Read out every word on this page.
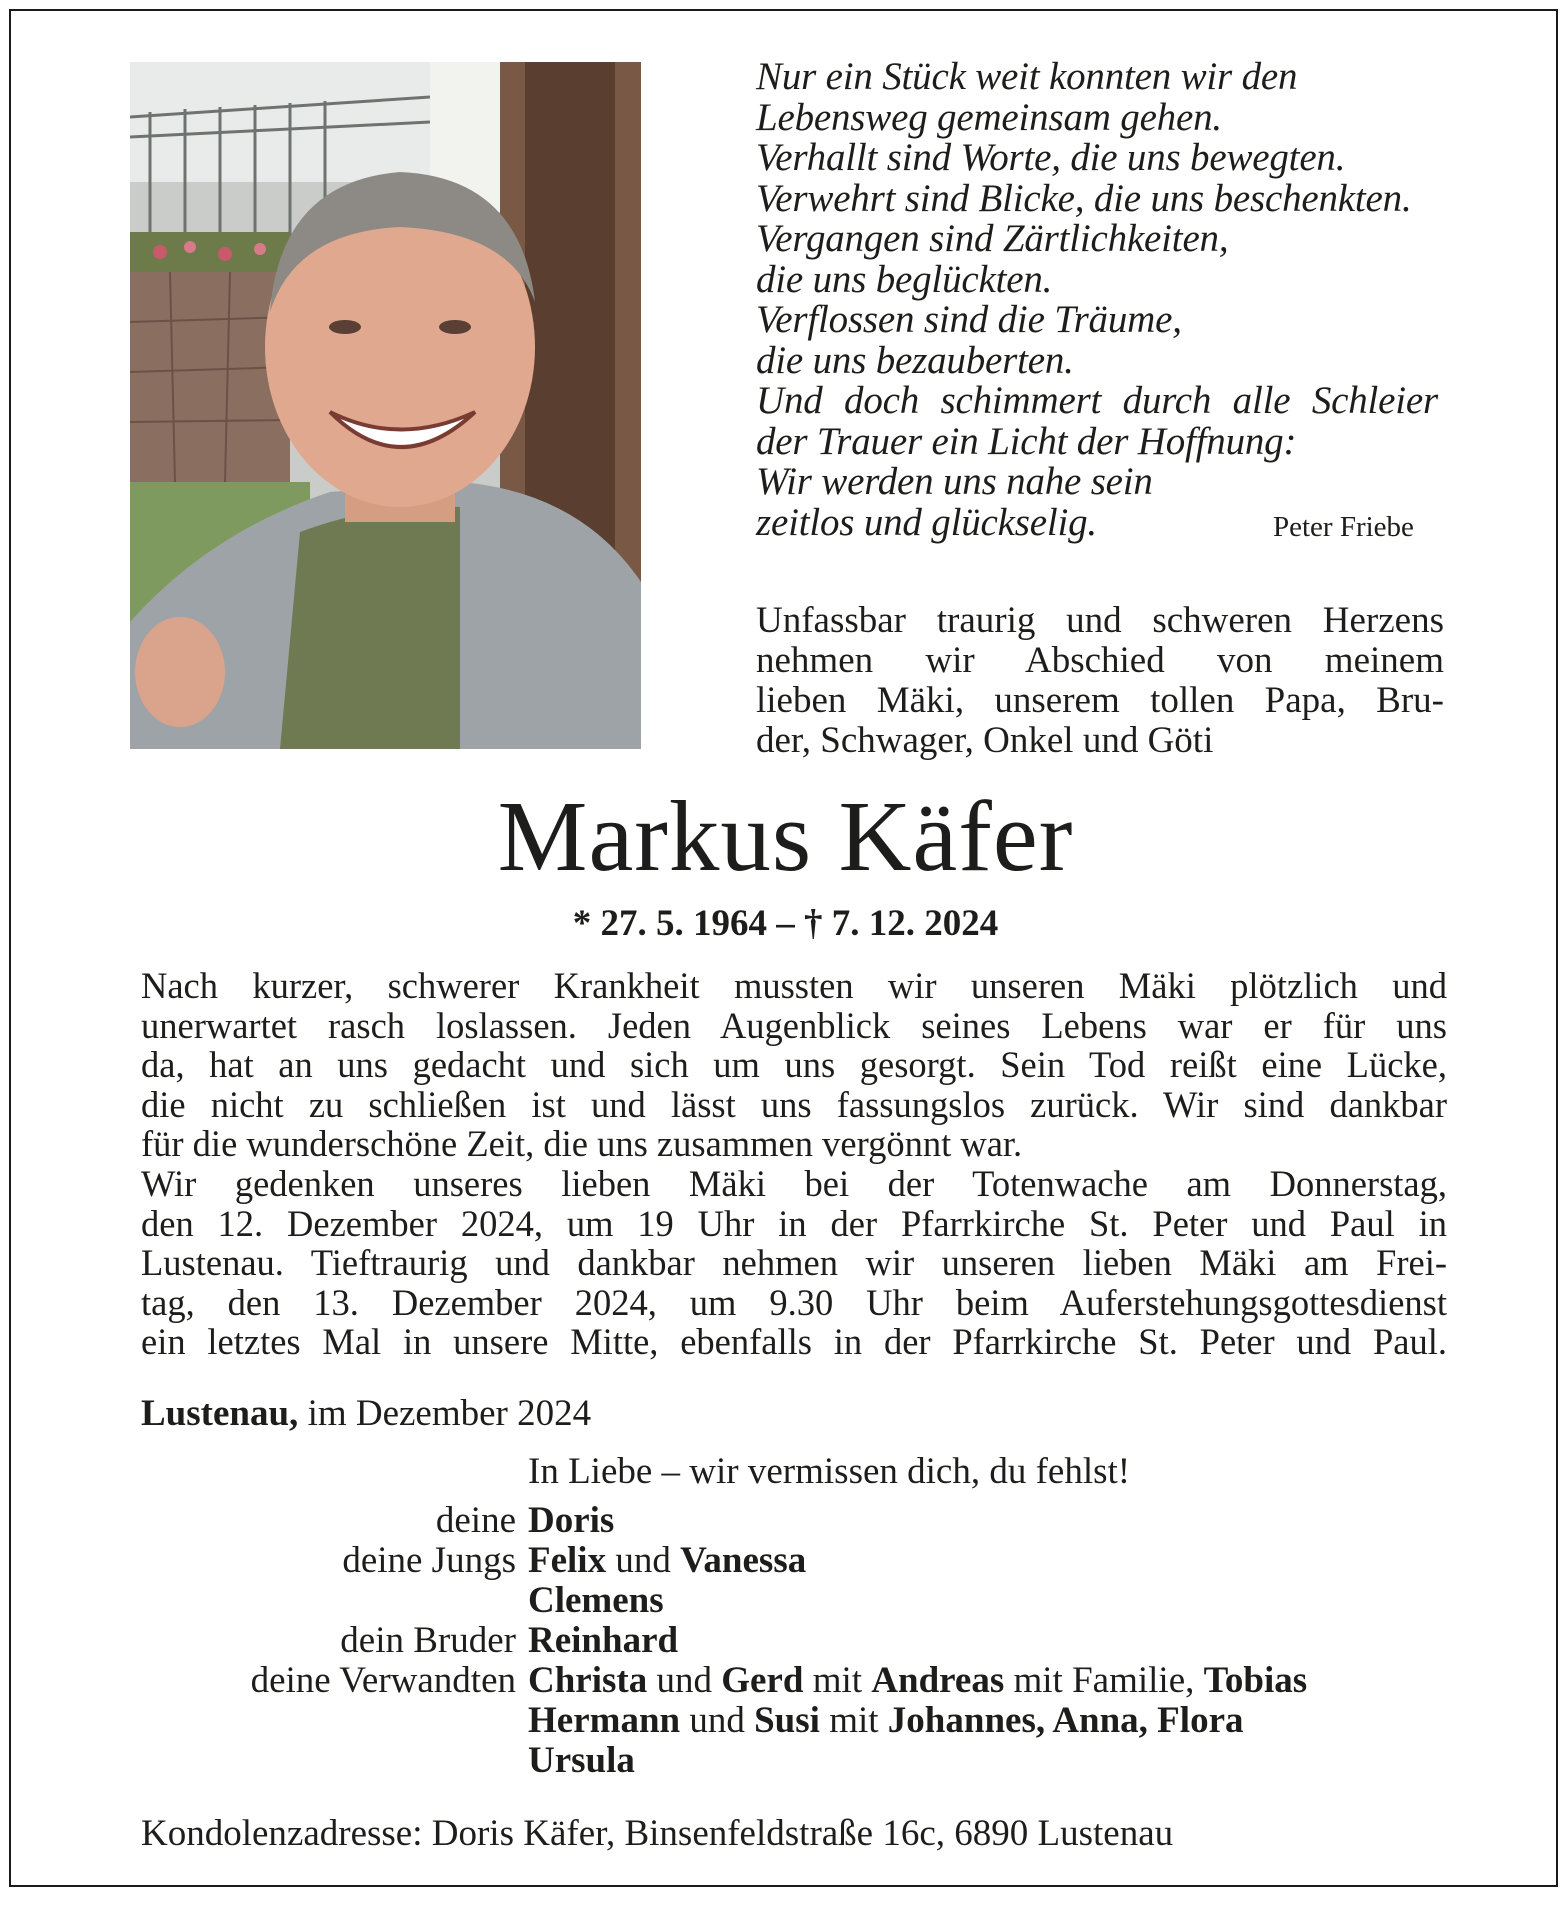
Nur ein Stück weit konnten wir den
Lebensweg gemeinsam gehen.
Verhallt sind Worte, die uns bewegten.
Verwehrt sind Blicke, die uns beschenkten.
Vergangen sind Zärtlichkeiten,
die uns beglückten.
Verflossen sind die Träume,
die uns bezauberten.
Und doch schimmert durch alle Schleier
der Trauer ein Licht der Hoffnung:
Wir werden uns nahe sein
zeitlos und glückselig.	Peter Friebe
Unfassbar traurig und schweren Herzens
nehmen wir Abschied von meinem
lieben Mäki, unserem tollen Papa, Bru-
der, Schwager, Onkel und Göti
Markus Käfer
* 27. 5. 1964 – † 7. 12. 2024
Nach kurzer, schwerer Krankheit mussten wir unseren Mäki plötzlich und
unerwartet rasch loslassen. Jeden Augenblick seines Lebens war er für uns
da, hat an uns gedacht und sich um uns gesorgt. Sein Tod reißt eine Lücke,
die nicht zu schließen ist und lässt uns fassungslos zurück. Wir sind dankbar
für die wunderschöne Zeit, die uns zusammen vergönnt war.
Wir gedenken unseres lieben Mäki bei der Totenwache am Donnerstag,
den 12. Dezember 2024, um 19 Uhr in der Pfarrkirche St. Peter und Paul in
Lustenau. Tieftraurig und dankbar nehmen wir unseren lieben Mäki am Frei-
tag, den 13. Dezember 2024, um 9.30 Uhr beim Auferstehungsgottesdienst
ein letztes Mal in unsere Mitte, ebenfalls in der Pfarrkirche St. Peter und Paul.
Lustenau, im Dezember 2024
In Liebe – wir vermissen dich, du fehlst!
deine Doris
deine Jungs Felix und Vanessa
Clemens
dein Bruder Reinhard
deine Verwandten Christa und Gerd mit Andreas mit Familie, Tobias
Hermann und Susi mit Johannes, Anna, Flora
Ursula
Kondolenzadresse: Doris Käfer, Binsenfeldstraße 16c, 6890 Lustenau
